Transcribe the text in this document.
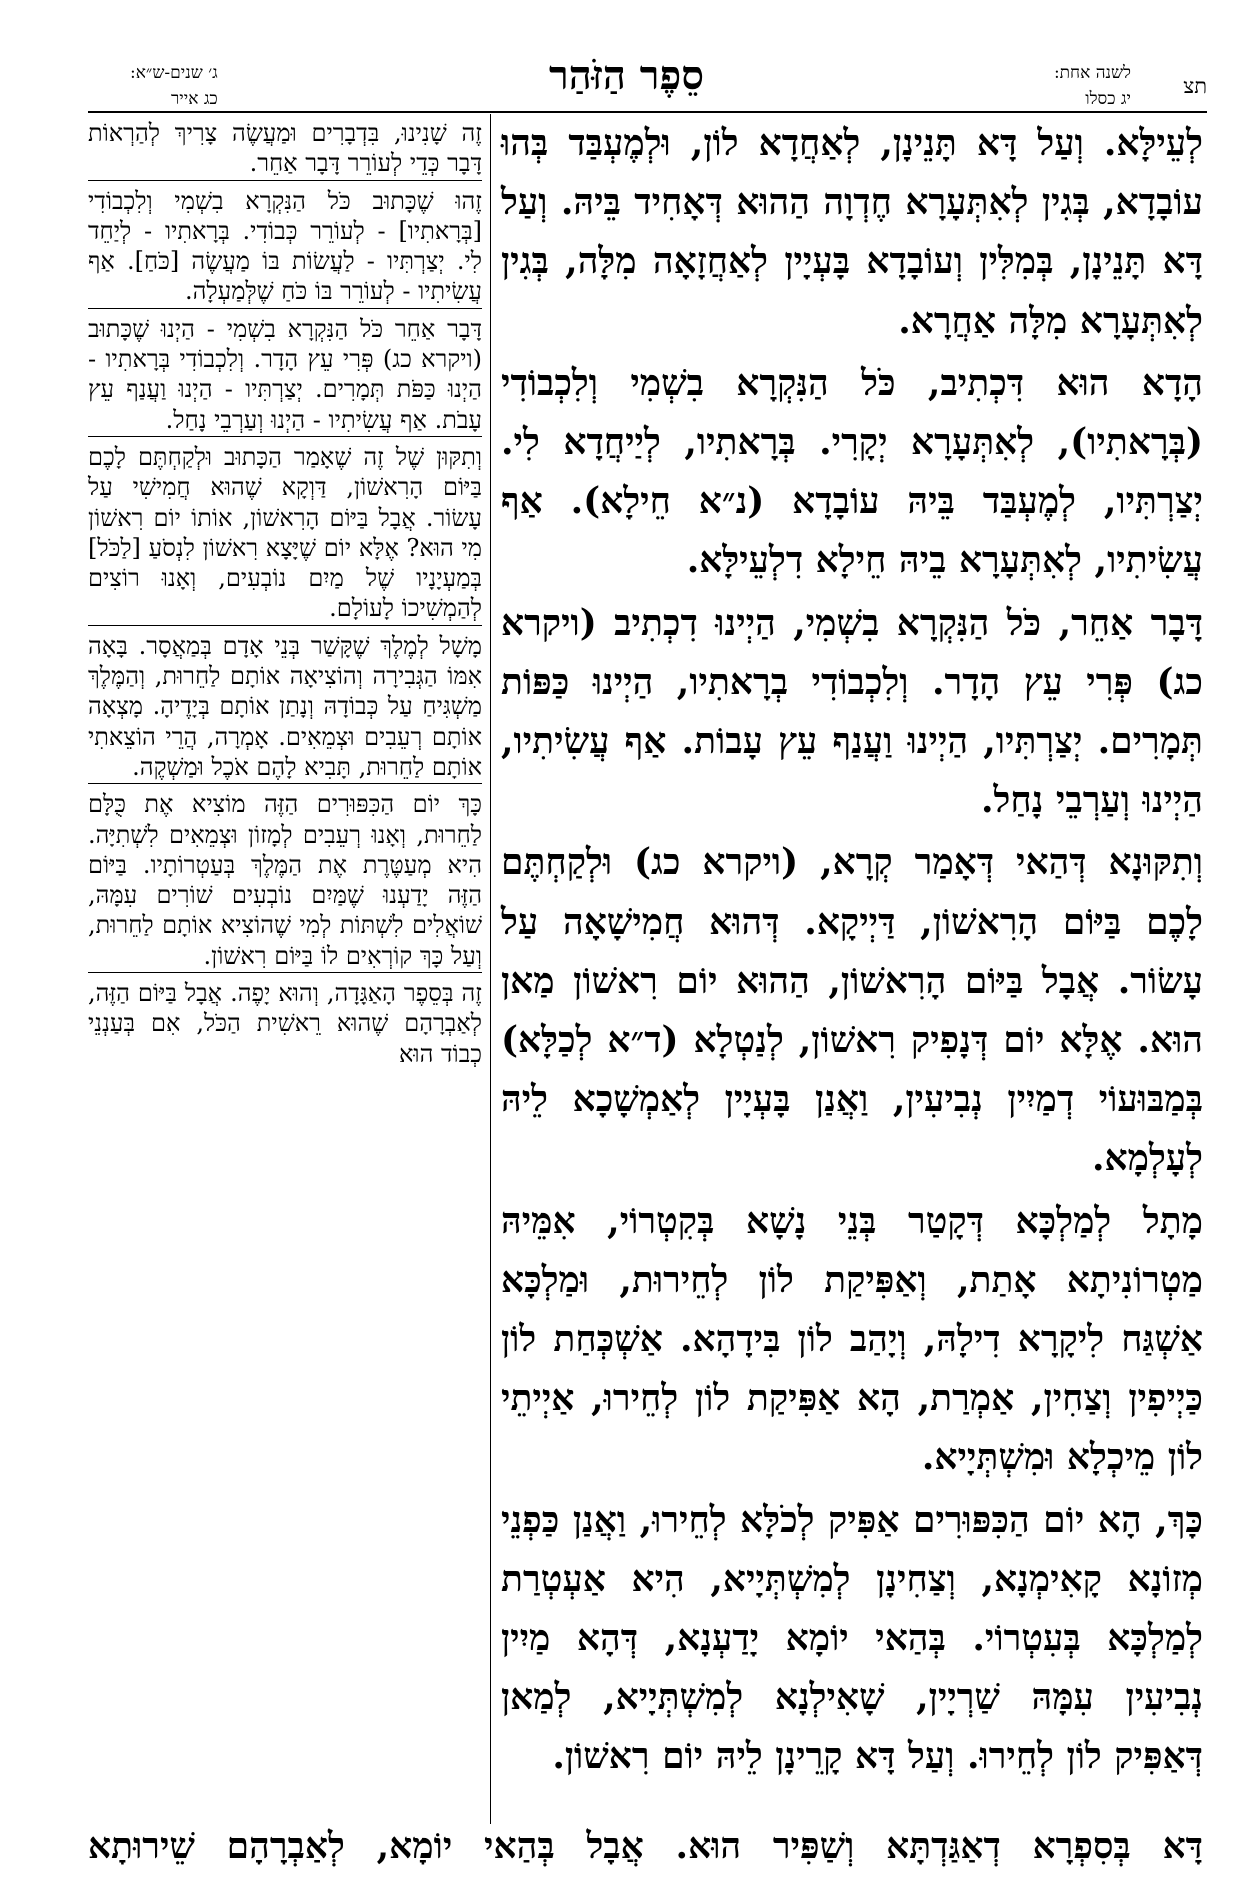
תצ
לשנה אחת:
יג כסלו
סֵפֶר הַזֹּהַר
ג׳ שנים-ש״א:
כג אייר

לְעֵילָּא. וְעַל דָּא תָּנֵינָן, לְאַחֲדָא לוֹן, וּלְמֶעְבַּד בְּהוּ עוֹבָדָא, בְּגִין לְאִתְּעָרָא חֶדְוָה הַהוּא דְּאָחִיד בֵּיהּ. וְעַל דָּא תָּנֵינָן, בְּמִלִּין וְעוֹבָדָא בָּעְיָין לְאַחֲזָאָה מִלָּה, בְּגִין לְאִתְּעָרָא מִלָּה אַחֲרָא.

הָדָא הוּא דִּכְתִיב, כֹּל הַנִּקְרָא בִשְׁמִי וְלִכְבוֹדִי (בְּרָאתִיו), לְאִתְּעָרָא יְקָרִי. בְּרָאתִיו, לְיַיחֲדָא לִי. יְצַרְתִּיו, לְמֶעְבַּד בֵּיהּ עוֹבָדָא (נ״א חֵילָא). אַף עֲשִׂיתִיו, לְאִתְּעָרָא בֵיהּ חֵילָא דִלְעֵילָּא.

דָּבָר אַחֵר, כֹּל הַנִּקְרָא בִשְׁמִי, הַיְינוּ דִכְתִיב (ויקרא כג) פְּרִי עֵץ הָדָר. וְלִכְבוֹדִי בְרָאתִיו, הַיְינוּ כַּפּוֹת תְּמָרִים. יְצַרְתִּיו, הַיְינוּ וַעֲנַף עֵץ עָבוֹת. אַף עֲשִׂיתִיו, הַיְינוּ וְעַרְבֵי נָחַל.

וְתִקּוּנָא דְּהַאי דְּאָמַר קְרָא, (ויקרא כג) וּלְקַחְתֶּם לָכֶם בַּיּוֹם הָרִאשׁוֹן, דַּיְיקָא. דְּהוּא חֲמִישָׁאָה עַל עָשׂוֹר. אֲבָל בַּיּוֹם הָרִאשׁוֹן, הַהוּא יוֹם רִאשׁוֹן מַאן הוּא. אֶלָּא יוֹם דְּנָפִיק רִאשׁוֹן, לְנַטְלָא (ד״א לְכַלָּא) בְּמַבּוּעוֹי דְמַיִין נְבִיעִין, וַאֲנַן בָּעְיָין לְאַמְשָׁכָא לֵיהּ לְעָלְמָא.

מָתָל לְמַלְכָּא דְּקָטַר בְּנֵי נָשָׁא בְּקִטְרוֹי, אִמֵּיהּ מַטְרוֹנִיתָא אָתַת, וְאַפִּיקַת לוֹן לְחֵירוּת, וּמַלְכָּא אַשְׁגַּח לִיקָרָא דִילָהּ, וְיָהַב לוֹן בִּידָהָא. אַשְׁכְּחַת לוֹן כַּיְיפִין וְצַחִין, אַמְרַת, הָא אַפִּיקַת לוֹן לְחֵירוּ, אַיְיתֵי לוֹן מֵיכְלָא וּמִשְׁתְּיָיא.

כָּךְ, הָא יוֹם הַכִּפּוּרִים אַפִּיק לְכֹלָּא לְחֵירוּ, וַאֲנַן כַּפְנֵי מְזוֹנָא קָאִימְנָא, וְצַחִינָן לְמִשְׁתְּיָיא, הִיא אַעְטְרַת לְמַלְכָּא בְּעִטְרוֹי. בְּהַאי יוֹמָא יָדַעְנָא, דְּהָא מַיִין נְבִיעִין עִמָּהּ שַׁרְיָין, שָׁאִילְנָא לְמִשְׁתְּיָיא, לְמַאן דְּאַפִּיק לוֹן לְחֵירוּ. וְעַל דָּא קָרֵינָן לֵיהּ יוֹם רִאשׁוֹן.

זֶה שָׁנִינוּ, בִּדְבָרִים וּמַעֲשֶׂה צָרִיךְ לְהַרְאוֹת דָּבָר כְּדֵי לְעוֹרֵר דָּבָר אַחֵר.

זֶהוּ שֶׁכָּתוּב כֹּל הַנִּקְרָא בִשְׁמִי וְלִכְבוֹדִי [בְּרָאתִיו] - לְעוֹרֵר כְּבוֹדִי. בְּרָאתִיו - לְיַחֵד לִי. יְצַרְתִּיו - לַעֲשׂוֹת בּוֹ מַעֲשֶׂה [כֹּחַ]. אַף עֲשִׂיתִיו - לְעוֹרֵר בּוֹ כֹּחַ שֶׁלְּמַעְלָה.

דָּבָר אַחֵר כֹּל הַנִּקְרָא בִשְׁמִי - הַיְנוּ שֶׁכָּתוּב (ויקרא כג) פְּרִי עֵץ הָדָר. וְלִכְבוֹדִי בְּרָאתִיו - הַיְנוּ כַּפֹּת תְּמָרִים. יְצַרְתִּיו - הַיְנוּ וַעֲנַף עֵץ עָבֹת. אַף עֲשִׂיתִיו - הַיְנוּ וְעַרְבֵי נָחַל.

וְתִקּוּן שֶׁל זֶה שֶׁאָמַר הַכָּתוּב וּלְקַחְתֶּם לָכֶם בַּיּוֹם הָרִאשׁוֹן, דַּוְקָא שֶׁהוּא חֲמִישִׁי עַל עָשׂוֹר. אֲבָל בַּיּוֹם הָרִאשׁוֹן, אוֹתוֹ יוֹם רִאשׁוֹן מִי הוּא? אֶלָּא יוֹם שֶׁיָּצָא רִאשׁוֹן לִנְסֹעַ [לַכֹּל] בְּמַעְיָנָיו שֶׁל מַיִם נוֹבְעִים, וְאָנוּ רוֹצִים לְהַמְשִׁיכוֹ לָעוֹלָם.

מָשָׁל לְמֶלֶךְ שֶׁקָּשַׁר בְּנֵי אָדָם בְּמַאֲסָר. בָּאָה אִמּוֹ הַגְּבִירָה וְהוֹצִיאָה אוֹתָם לַחֵרוּת, וְהַמֶּלֶךְ מַשְׁגִּיחַ עַל כְּבוֹדָהּ וְנָתַן אוֹתָם בְּיָדֶיהָ. מָצְאָה אוֹתָם רְעֵבִים וּצְמֵאִים. אָמְרָה, הֲרֵי הוֹצֵאתִי אוֹתָם לַחֵרוּת, תָּבִיא לָהֶם אֹכֶל וּמַשְׁקֶה.

כָּךְ יוֹם הַכִּפּוּרִים הַזֶּה מוֹצִיא אֶת כֻּלָּם לַחֵרוּת, וְאָנוּ רְעֵבִים לְמָזוֹן וּצְמֵאִים לִשְׁתִיָּה. הִיא מְעַטֶּרֶת אֶת הַמֶּלֶךְ בְּעַטְרוֹתָיו. בַּיּוֹם הַזֶּה יָדַעְנוּ שֶׁמַּיִם נוֹבְעִים שׁוֹרִים עִמָּהּ, שׁוֹאֲלִים לִשְׁתּוֹת לְמִי שֶׁהוֹצִיא אוֹתָם לַחֵרוּת, וְעַל כָּךְ קוֹרְאִים לוֹ בַּיּוֹם רִאשׁוֹן.

זֶה בְּסֵפֶר הָאַגָּדָה, וְהוּא יָפֶה. אֲבָל בַּיּוֹם הַזֶּה, לְאַבְרָהָם שֶׁהוּא רֵאשִׁית הַכֹּל, אִם בְּעַנְנֵי כְבוֹד הוּא

דָּא בְּסִפְרָא דְאַגַּדְתָּא וְשַׁפִּיר הוּא. אֲבָל בְּהַאי יוֹמָא, לְאַבְרָהָם שֵׁירוּתָא
